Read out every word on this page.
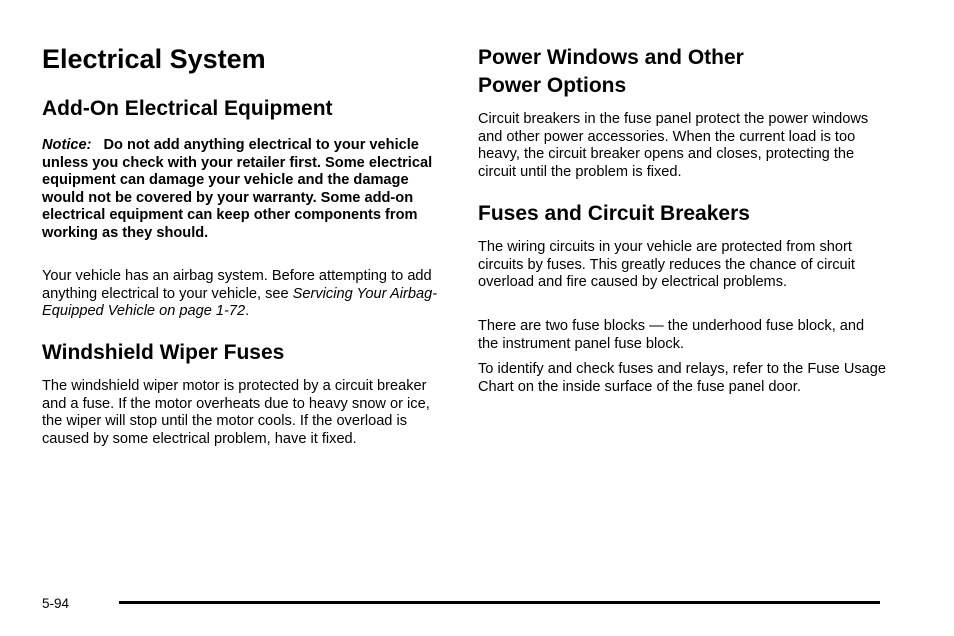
Electrical System
Add-On Electrical Equipment

Notice: Do not add anything electrical to your vehicle unless you check with your retailer first. Some electrical equipment can damage your vehicle and the damage would not be covered by your warranty. Some add-on electrical equipment can keep other components from working as they should.

Your vehicle has an airbag system. Before attempting to add anything electrical to your vehicle, see Servicing Your Airbag-Equipped Vehicle on page 1-72.

Windshield Wiper Fuses

The windshield wiper motor is protected by a circuit breaker and a fuse. If the motor overheats due to heavy snow or ice, the wiper will stop until the motor cools. If the overload is caused by some electrical problem, have it fixed.

Power Windows and Other
Power Options

Circuit breakers in the fuse panel protect the power windows and other power accessories. When the current load is too heavy, the circuit breaker opens and closes, protecting the circuit until the problem is fixed.

Fuses and Circuit Breakers

The wiring circuits in your vehicle are protected from short circuits by fuses. This greatly reduces the chance of circuit overload and fire caused by electrical problems.

There are two fuse blocks — the underhood fuse block, and the instrument panel fuse block.

To identify and check fuses and relays, refer to the Fuse Usage Chart on the inside surface of the fuse panel door.

5-94
